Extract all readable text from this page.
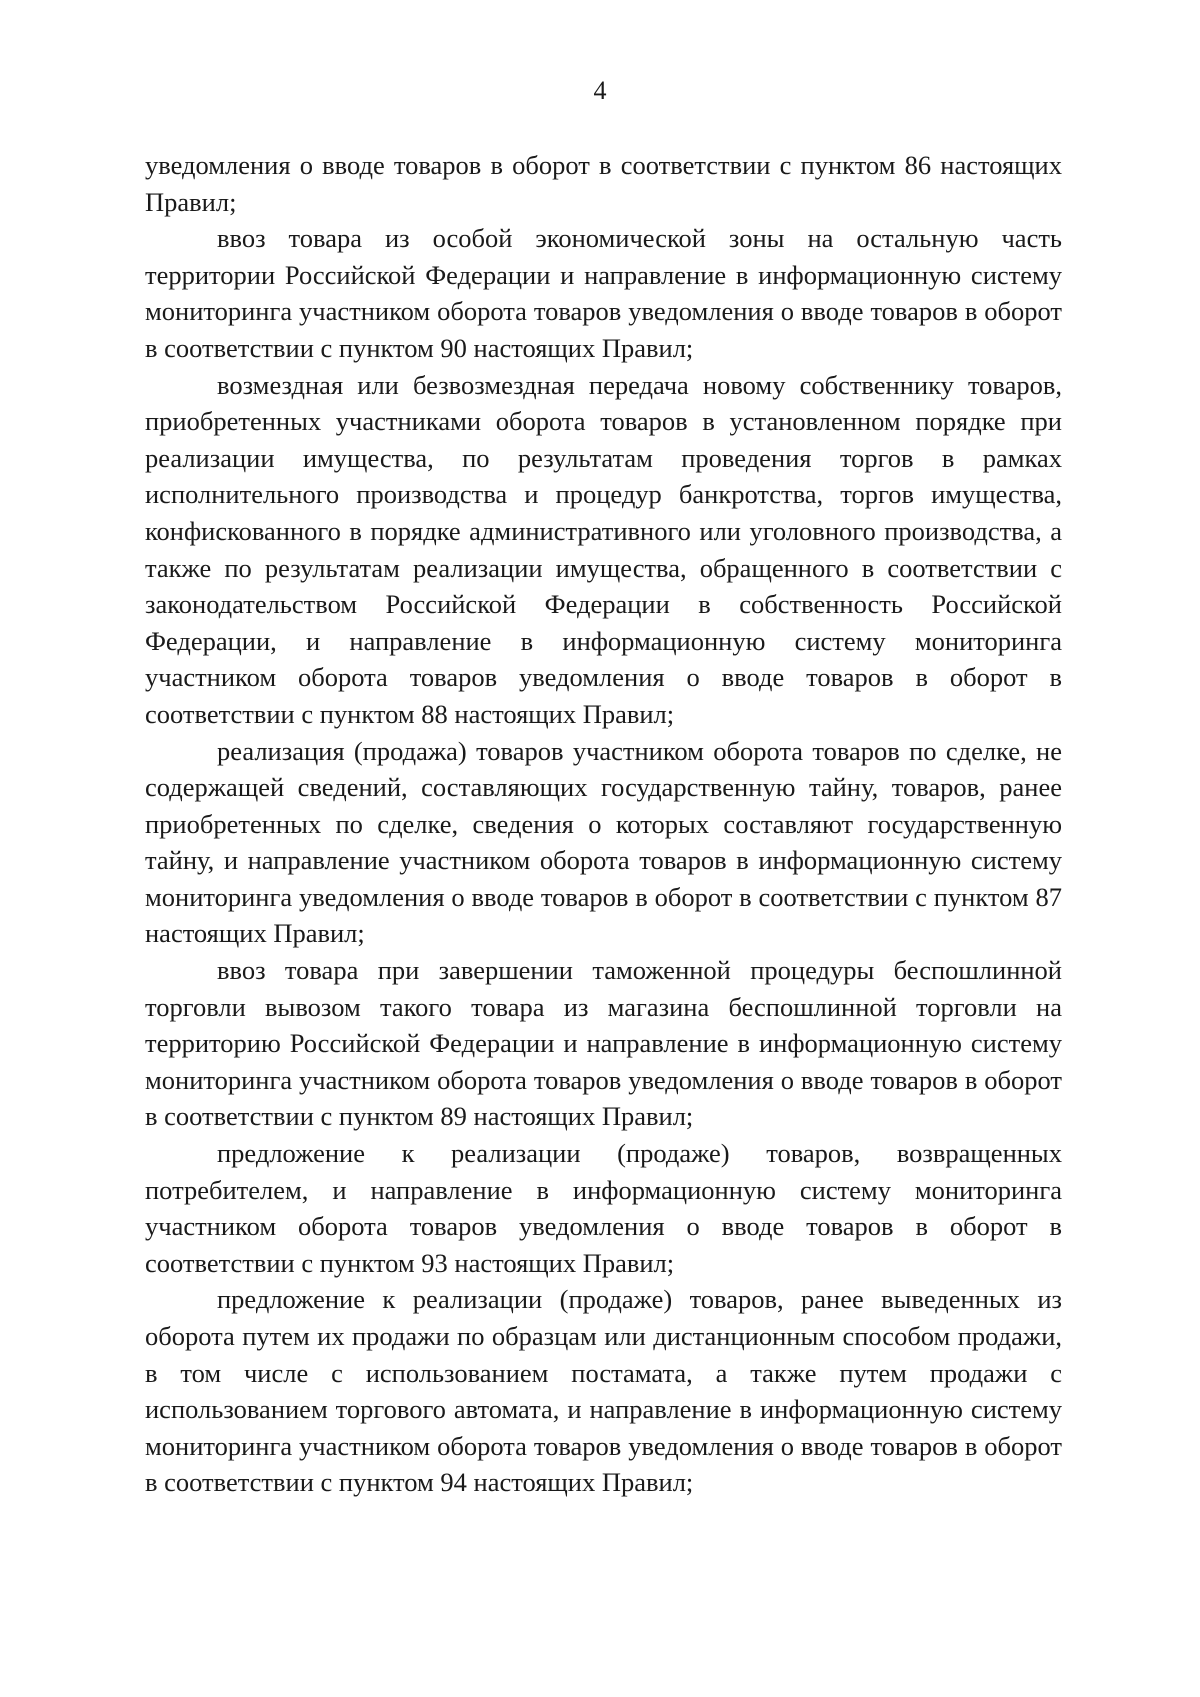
4

уведомления о вводе товаров в оборот в соответствии с пунктом 86 настоящих Правил;

ввоз товара из особой экономической зоны на остальную часть территории Российской Федерации и направление в информационную систему мониторинга участником оборота товаров уведомления о вводе товаров в оборот в соответствии с пунктом 90 настоящих Правил;

возмездная или безвозмездная передача новому собственнику товаров, приобретенных участниками оборота товаров в установленном порядке при реализации имущества, по результатам проведения торгов в рамках исполнительного производства и процедур банкротства, торгов имущества, конфискованного в порядке административного или уголовного производства, а также по результатам реализации имущества, обращенного в соответствии с законодательством Российской Федерации в собственность Российской Федерации, и направление в информационную систему мониторинга участником оборота товаров уведомления о вводе товаров в оборот в соответствии с пунктом 88 настоящих Правил;

реализация (продажа) товаров участником оборота товаров по сделке, не содержащей сведений, составляющих государственную тайну, товаров, ранее приобретенных по сделке, сведения о которых составляют государственную тайну, и направление участником оборота товаров в информационную систему мониторинга уведомления о вводе товаров в оборот в соответствии с пунктом 87 настоящих Правил;

ввоз товара при завершении таможенной процедуры беспошлинной торговли вывозом такого товара из магазина беспошлинной торговли на территорию Российской Федерации и направление в информационную систему мониторинга участником оборота товаров уведомления о вводе товаров в оборот в соответствии с пунктом 89 настоящих Правил;

предложение к реализации (продаже) товаров, возвращенных потребителем, и направление в информационную систему мониторинга участником оборота товаров уведомления о вводе товаров в оборот в соответствии с пунктом 93 настоящих Правил;

предложение к реализации (продаже) товаров, ранее выведенных из оборота путем их продажи по образцам или дистанционным способом продажи, в том числе с использованием постамата, а также путем продажи с использованием торгового автомата, и направление в информационную систему мониторинга участником оборота товаров уведомления о вводе товаров в оборот в соответствии с пунктом 94 настоящих Правил;
